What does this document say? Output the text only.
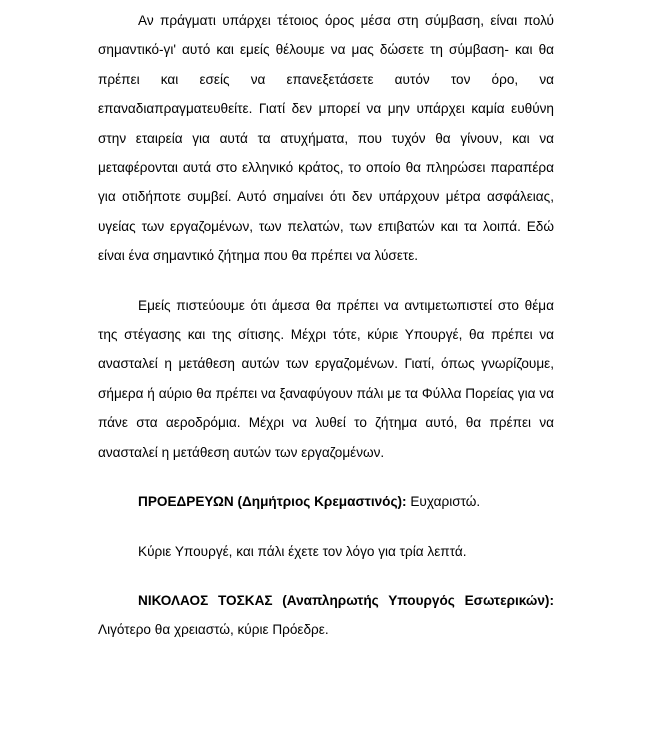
Αν πράγματι υπάρχει τέτοιος όρος μέσα στη σύμβαση, είναι πολύ σημαντικό-γι' αυτό και εμείς θέλουμε να μας δώσετε τη σύμβαση- και θα πρέπει και εσείς να επανεξετάσετε αυτόν τον όρο, να επαναδιαπραγματευθείτε. Γιατί δεν μπορεί να μην υπάρχει καμία ευθύνη στην εταιρεία για αυτά τα ατυχήματα, που τυχόν θα γίνουν, και να μεταφέρονται αυτά στο ελληνικό κράτος, το οποίο θα πληρώσει παραπέρα για οτιδήποτε συμβεί. Αυτό σημαίνει ότι δεν υπάρχουν μέτρα ασφάλειας, υγείας των εργαζομένων, των πελατών, των επιβατών και τα λοιπά. Εδώ είναι ένα σημαντικό ζήτημα που θα πρέπει να λύσετε.

Εμείς πιστεύουμε ότι άμεσα θα πρέπει να αντιμετωπιστεί στο θέμα της στέγασης και της σίτισης. Μέχρι τότε, κύριε Υπουργέ, θα πρέπει να ανασταλεί η μετάθεση αυτών των εργαζομένων. Γιατί, όπως γνωρίζουμε, σήμερα ή αύριο θα πρέπει να ξαναφύγουν πάλι με τα Φύλλα Πορείας για να πάνε στα αεροδρόμια. Μέχρι να λυθεί το ζήτημα αυτό, θα πρέπει να ανασταλεί η μετάθεση αυτών των εργαζομένων.

ΠΡΟΕΔΡΕΥΩΝ (Δημήτριος Κρεμαστινός): Ευχαριστώ.

Κύριε Υπουργέ, και πάλι έχετε τον λόγο για τρία λεπτά.

ΝΙΚΟΛΑΟΣ ΤΟΣΚΑΣ (Αναπληρωτής Υπουργός Εσωτερικών): Λιγότερο θα χρειαστώ, κύριε Πρόεδρε.
